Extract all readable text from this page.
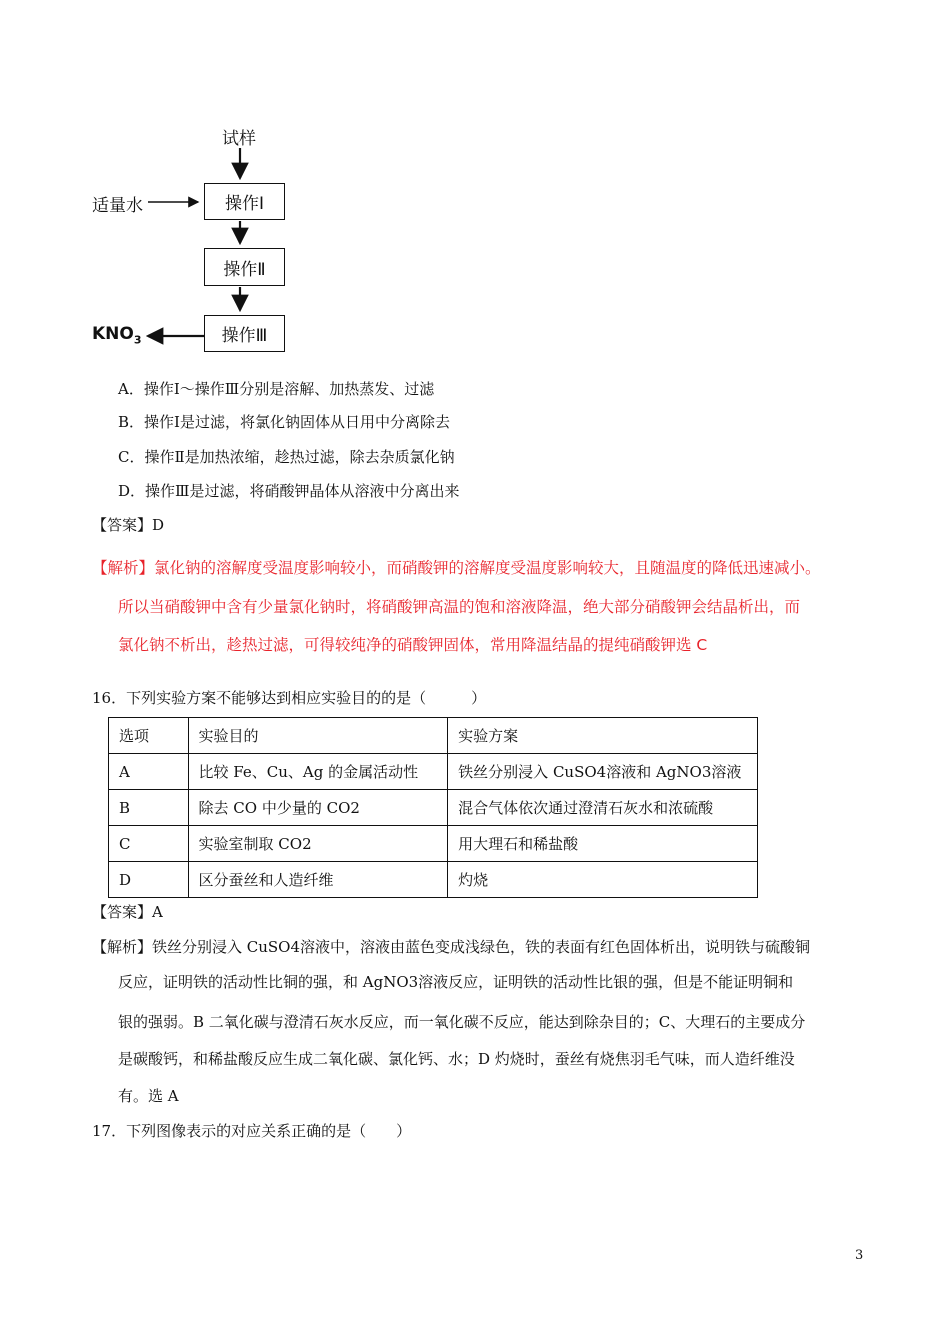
试样
适量水	操作Ⅰ
操作Ⅱ
操作Ⅲ
$KNO_3$
A．操作Ⅰ～操作Ⅲ分别是溶解、加热蒸发、过滤
B．操作Ⅰ是过滤，将氯化钠固体从日用中分离除去
C．操作Ⅱ是加热浓缩，趁热过滤，除去杂质氯化钠
D．操作Ⅲ是过滤，将硝酸钾晶体从溶液中分离出来
【答案】D
【解析】氯化钠的溶解度受温度影响较小，而硝酸钾的溶解度受温度影响较大，且随温度的降低迅速减小。
所以当硝酸钾中含有少量氯化钠时，将硝酸钾高温的饱和溶液降温，绝大部分硝酸钾会结晶析出，而
氯化钠不析出，趁热过滤，可得较纯净的硝酸钾固体，常用降温结晶的提纯硝酸钾选 C
16．下列实验方案不能够达到相应实验目的的是（　　　）
选项	实验目的	实验方案
A	比较 Fe、Cu、Ag 的金属活动性	铁丝分别浸入 CuSO4溶液和 AgNO3溶液
B	除去 CO 中少量的 CO2	混合气体依次通过澄清石灰水和浓硫酸
C	实验室制取 CO2	用大理石和稀盐酸
D	区分蚕丝和人造纤维	灼烧
【答案】A
【解析】铁丝分别浸入 CuSO4溶液中，溶液由蓝色变成浅绿色，铁的表面有红色固体析出，说明铁与硫酸铜
反应，证明铁的活动性比铜的强，和 AgNO3溶液反应，证明铁的活动性比银的强，但是不能证明铜和
银的强弱。B 二氧化碳与澄清石灰水反应，而一氧化碳不反应，能达到除杂目的；C、大理石的主要成分
是碳酸钙，和稀盐酸反应生成二氧化碳、氯化钙、水；D 灼烧时，蚕丝有烧焦羽毛气味，而人造纤维没
有。选 A
17．下列图像表示的对应关系正确的是（　　）
3
